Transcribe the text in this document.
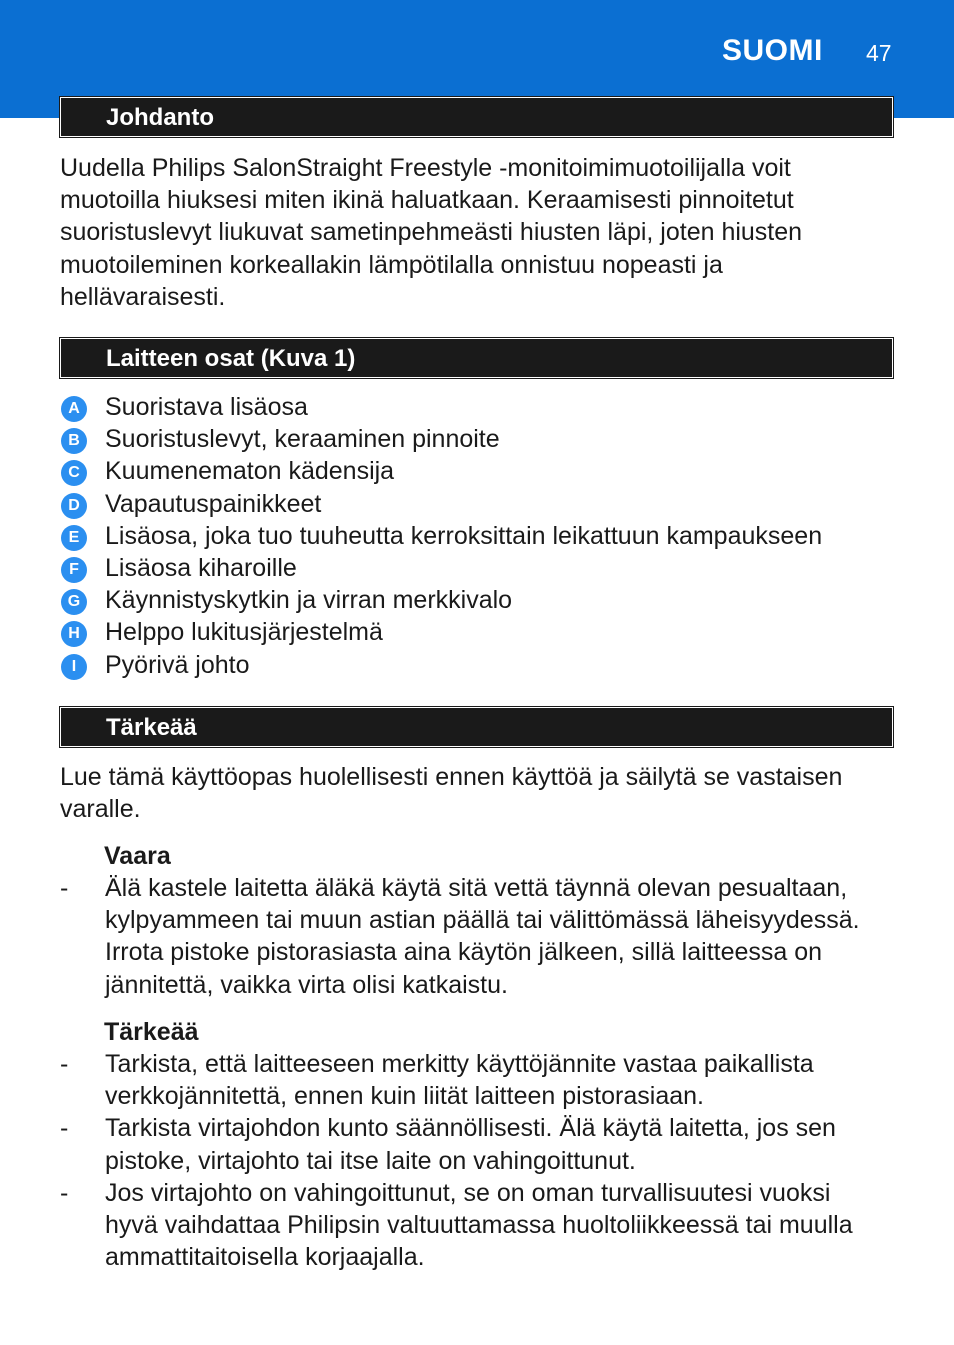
SUOMI 47
Johdanto

Uudella Philips SalonStraight Freestyle -monitoimimuotoilijalla voit muotoilla hiuksesi miten ikinä haluatkaan. Keraamisesti pinnoitetut suoristuslevyt liukuvat sametinpehmeästi hiusten läpi, joten hiusten muotoileminen korkeallakin lämpötilalla onnistuu nopeasti ja hellävaraisesti.

Laitteen osat (Kuva 1)
A Suoristava lisäosa
B Suoristuslevyt, keraaminen pinnoite
C Kuumenematon kädensija
D Vapautuspainikkeet
E	Lisäosa, joka tuo tuuheutta kerroksittain leikattuun kampaukseen
F	Lisäosa kiharoille
G Käynnistyskytkin ja virran merkkivalo
H Helppo lukitusjärjestelmä
I	Pyörivä johto
Tärkeää

Lue tämä käyttöopas huolellisesti ennen käyttöä ja säilytä se vastaisen varalle.

Vaara

- Älä kastele laitetta äläkä käytä sitä vettä täynnä olevan pesualtaan, kylpyammeen tai muun astian päällä tai välittömässä läheisyydessä. Irrota pistoke pistorasiasta aina käytön jälkeen, sillä laitteessa on jännitettä, vaikka virta olisi katkaistu.

Tärkeää

- Tarkista, että laitteeseen merkitty käyttöjännite vastaa paikallista verkkojännitettä, ennen kuin liität laitteen pistorasiaan.

- Tarkista virtajohdon kunto säännöllisesti. Älä käytä laitetta, jos sen pistoke, virtajohto tai itse laite on vahingoittunut.

- Jos virtajohto on vahingoittunut, se on oman turvallisuutesi vuoksi hyvä vaihdattaa Philipsin valtuuttamassa huoltoliikkeessä tai muulla ammattitaitoisella korjaajalla.
